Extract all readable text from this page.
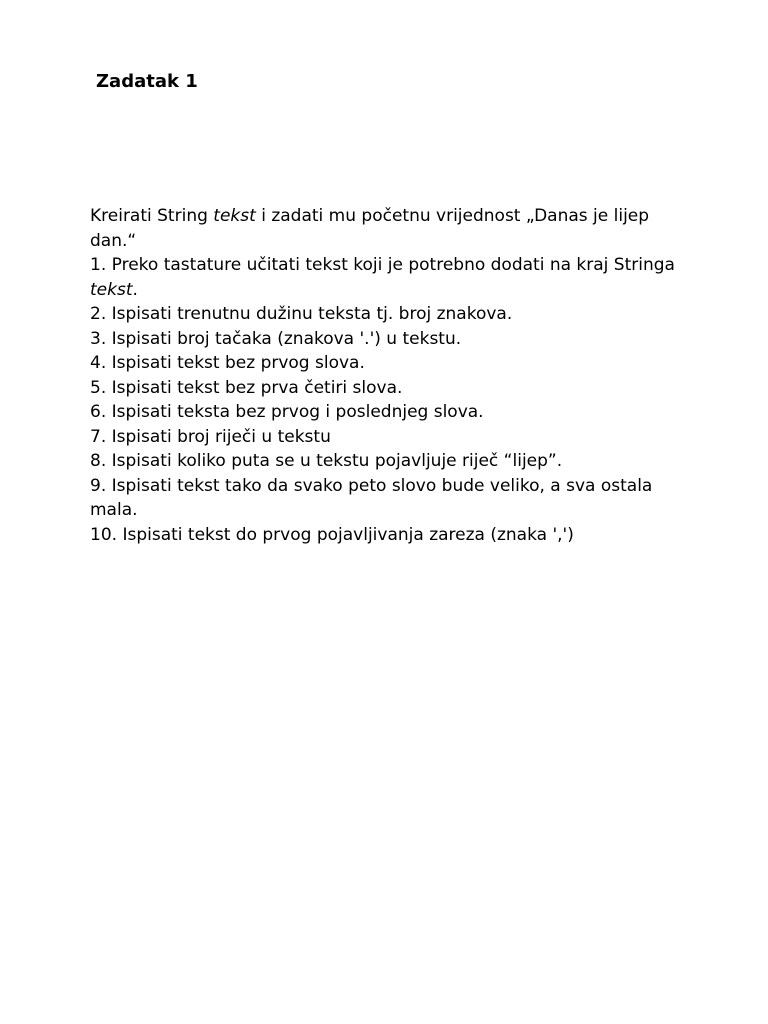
Zadatak 1

Kreirati String tekst i zadati mu početnu vrijednost „Danas je lijep dan.“

1. Preko tastature učitati tekst koji je potrebno dodati na kraj Stringa tekst.
2. Ispisati trenutnu dužinu teksta tj. broj znakova.
3. Ispisati broj tačaka (znakova '.') u tekstu.
4. Ispisati tekst bez prvog slova.
5. Ispisati tekst bez prva četiri slova.
6. Ispisati teksta bez prvog i poslednjeg slova.
7. Ispisati broj riječi u tekstu
8. Ispisati koliko puta se u tekstu pojavljuje riječ “lijep”.
9. Ispisati tekst tako da svako peto slovo bude veliko, a sva ostala mala.
10. Ispisati tekst do prvog pojavljivanja zareza (znaka ',')
